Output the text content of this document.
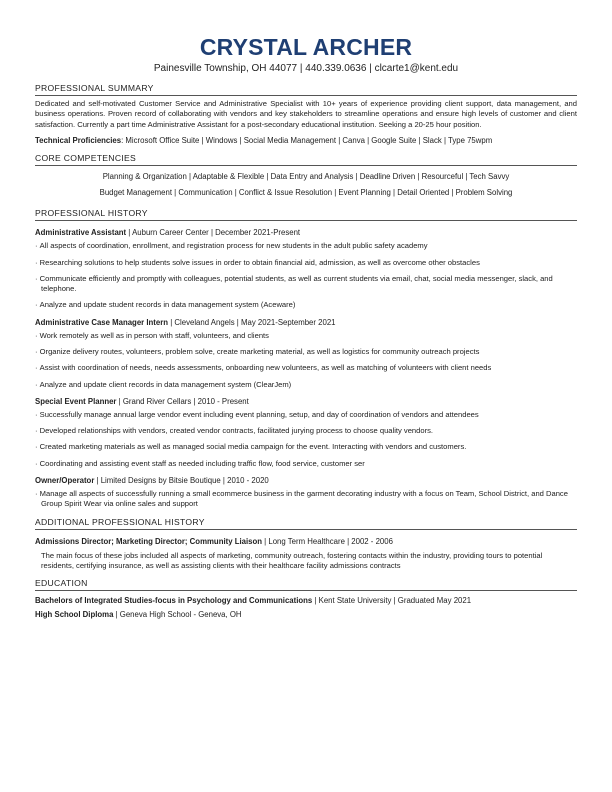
CRYSTAL ARCHER
Painesville Township, OH 44077 | 440.339.0636 | clcarte1@kent.edu
PROFESSIONAL SUMMARY

Dedicated and self-motivated Customer Service and Administrative Specialist with 10+ years of experience providing client support, data management, and business operations. Proven record of collaborating with vendors and key stakeholders to streamline operations and ensure high levels of customer and client satisfaction. Currently a part time Administrative Assistant for a post-secondary educational institution. Seeking a 20-25 hour position.

Technical Proficiencies: Microsoft Office Suite | Windows | Social Media Management | Canva | Google Suite | Slack | Type 75wpm
CORE COMPETENCIES
Planning & Organization | Adaptable & Flexible | Data Entry and Analysis | Deadline Driven | Resourceful | Tech Savvy
Budget Management | Communication | Conflict & Issue Resolution | Event Planning | Detail Oriented | Problem Solving
PROFESSIONAL HISTORY
Administrative Assistant | Auburn Career Center | December 2021-Present
· All aspects of coordination, enrollment, and registration process for new students in the adult public safety academy
· Researching solutions to help students solve issues in order to obtain financial aid, admission, as well as overcome other obstacles
· Communicate efficiently and promptly with colleagues, potential students, as well as current students via email, chat, social media messenger, slack, and telephone.
· Analyze and update student records in data management system (Aceware)
Administrative Case Manager Intern | Cleveland Angels | May 2021-September 2021
· Work remotely as well as in person with staff, volunteers, and clients
· Organize delivery routes, volunteers, problem solve, create marketing material, as well as logistics for community outreach projects
· Assist with coordination of needs, needs assessments, onboarding new volunteers, as well as matching of volunteers with client needs
· Analyze and update client records in data management system (ClearJem)
Special Event Planner | Grand River Cellars | 2010 - Present
· Successfully manage annual large vendor event including event planning, setup, and day of coordination of vendors and attendees
· Developed relationships with vendors, created vendor contracts, facilitated jurying process to choose quality vendors.
· Created marketing materials as well as managed social media campaign for the event. Interacting with vendors and customers.
· Coordinating and assisting event staff as needed including traffic flow, food service, customer ser
Owner/Operator | Limited Designs by Bitsie Boutique | 2010 - 2020
· Manage all aspects of successfully running a small ecommerce business in the garment decorating industry with a focus on Team, School District, and Dance Group Spirit Wear via online sales and support
ADDITIONAL PROFESSIONAL HISTORY
Admissions Director; Marketing Director; Community Liaison | Long Term Healthcare | 2002 - 2006

The main focus of these jobs included all aspects of marketing, community outreach, fostering contacts within the industry, providing tours to potential residents, certifying insurance, as well as assisting clients with their healthcare facility admissions contracts

EDUCATION
Bachelors of Integrated Studies-focus in Psychology and Communications | Kent State University | Graduated May 2021
High School Diploma | Geneva High School - Geneva, OH
